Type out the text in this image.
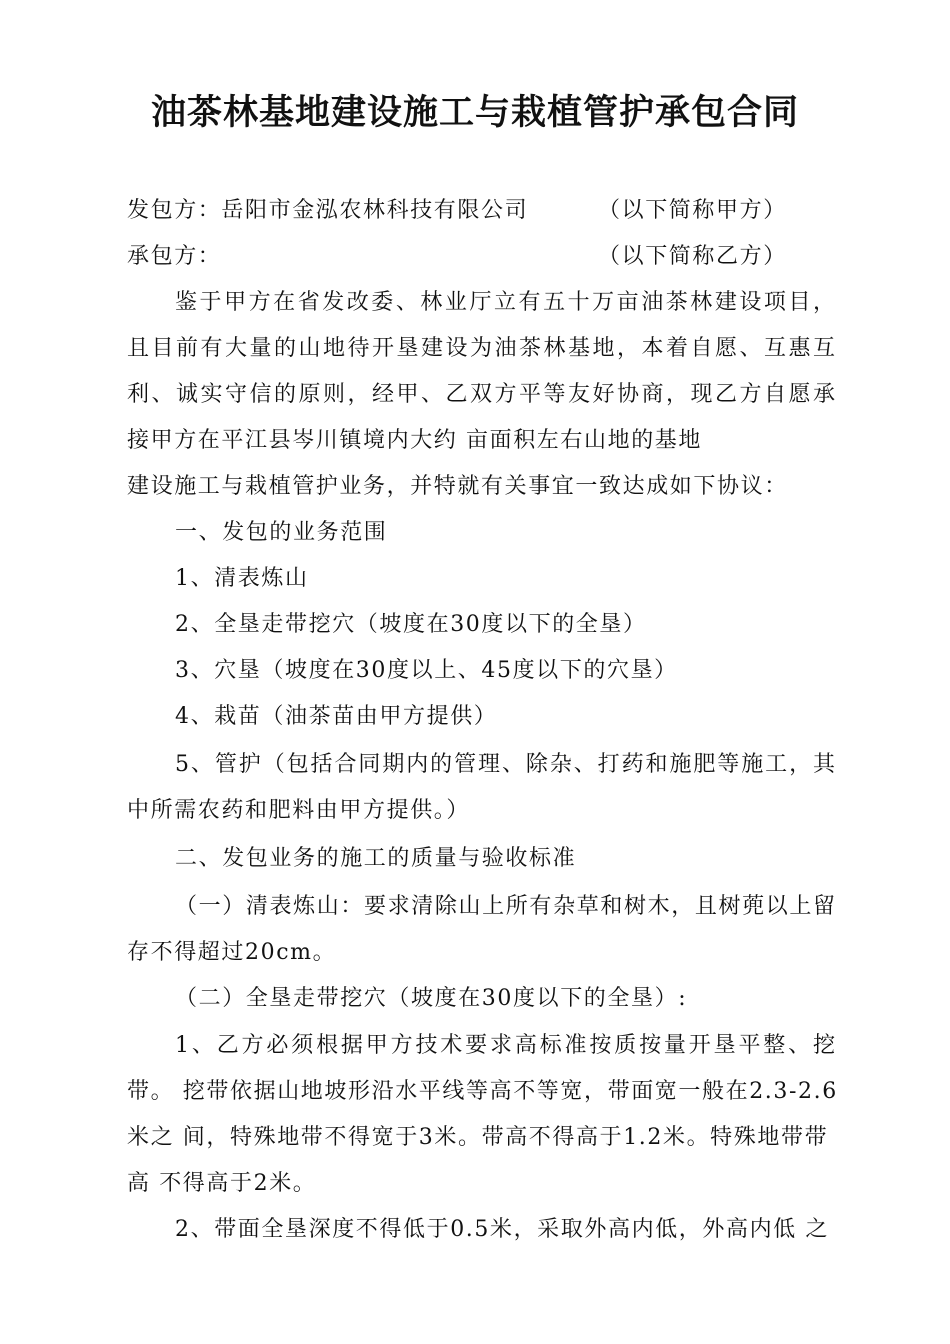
油茶林基地建设施工与栽植管护承包合同
发包方：岳阳市金泓农林科技有限公司	（以下简称甲方）
承包方：	（以下简称乙方）
鉴于甲方在省发改委、林业厅立有五十万亩油茶林建设项目，
且目前有大量的山地待开垦建设为油茶林基地，本着自愿、互惠互
利、诚实守信的原则，经甲、乙双方平等友好协商，现乙方自愿承
接甲方在平江县岑川镇境内大约 亩面积左右山地的基地
建设施工与栽植管护业务，并特就有关事宜一致达成如下协议：
一、发包的业务范围
1、清表炼山
2、全垦走带挖穴（坡度在30度以下的全垦）
3、穴垦（坡度在30度以上、45度以下的穴垦）
4、栽苗（油茶苗由甲方提供）
5、管护（包括合同期内的管理、除杂、打药和施肥等施工，其
中所需农药和肥料由甲方提供。）
二、发包业务的施工的质量与验收标准
（一）清表炼山：要求清除山上所有杂草和树木，且树蔸以上留
存不得超过20cm。
（二）全垦走带挖穴（坡度在30度以下的全垦）:
1、乙方必须根据甲方技术要求高标准按质按量开垦平整、挖
带。 挖带依据山地坡形沿水平线等高不等宽，带面宽一般在2.3-2.6
米之 间，特殊地带不得宽于3米。带高不得高于1.2米。特殊地带带
高 不得高于2米。
2、带面全垦深度不得低于0.5米，采取外高内低，外高内低 之
